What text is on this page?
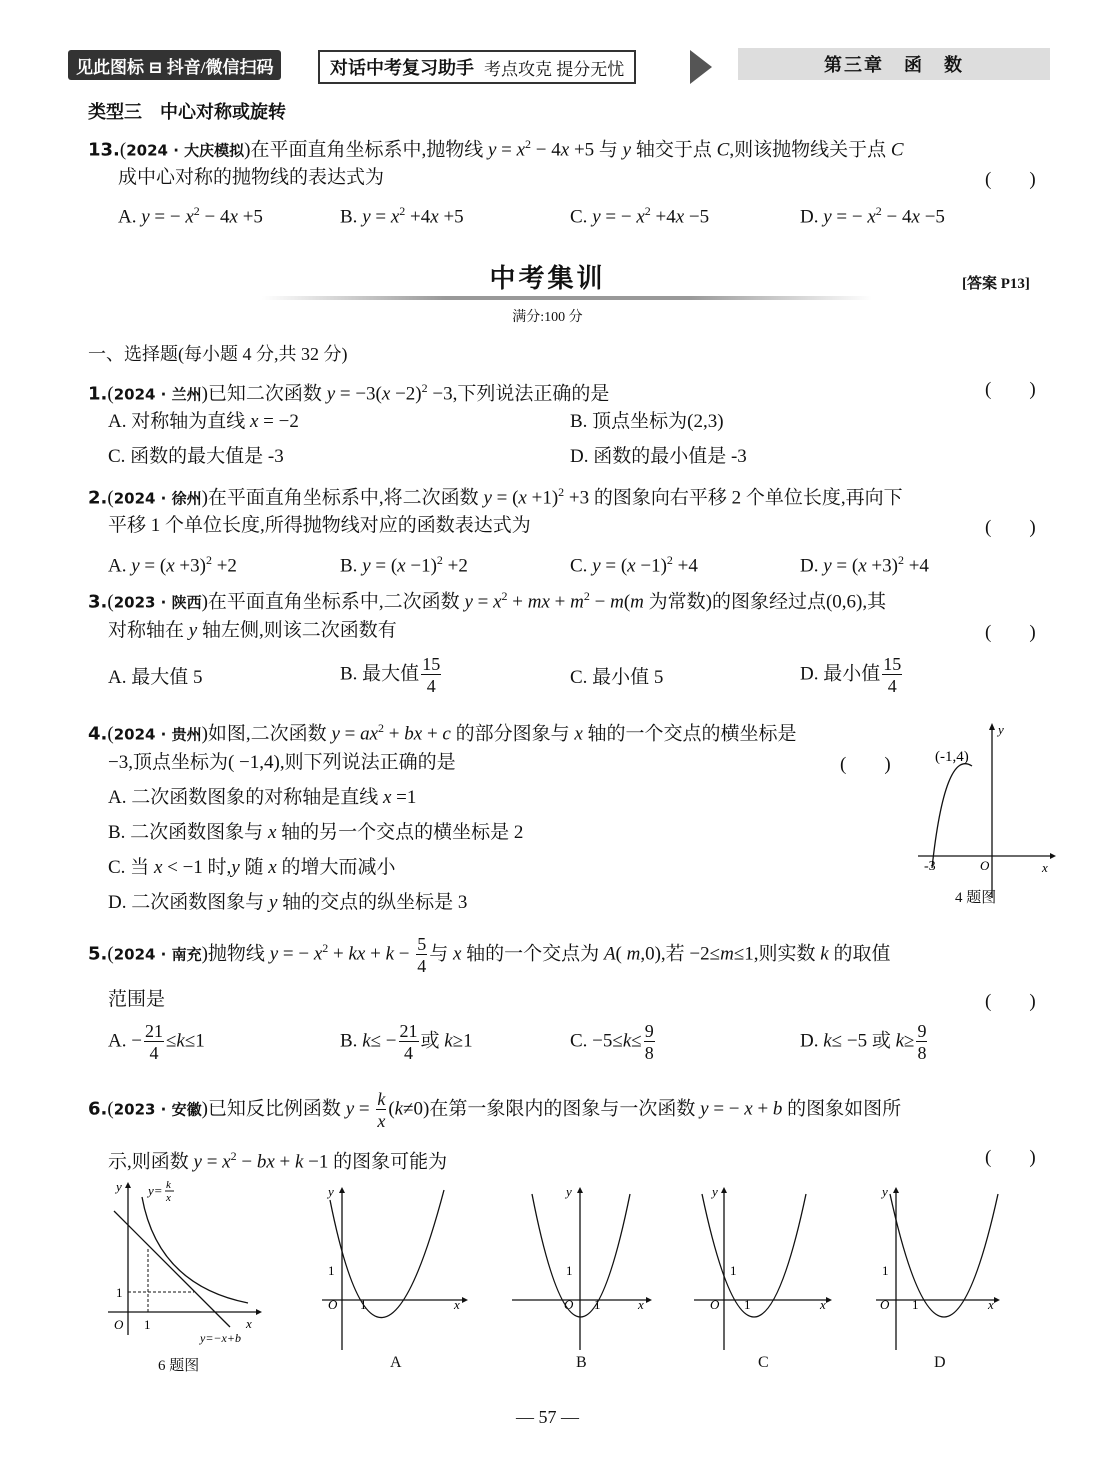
见此图标 ⊟ 抖音/微信扫码	对话中考复习助手 考点攻克 提分无忧	第三章　函　数
类型三　中心对称或旋转
13.(2024 · 大庆模拟)在平面直角坐标系中,抛物线 $y = x^2 - 4x +5$ 与 y 轴交于点 C,则该抛物线关于点 C
成中心对称的抛物线的表达式为	(　　)
A. y = − $x^2 - 4x +5$	B. $y = x^2 +4x +5$	C. y = − $x^2 +4x -5$	D. y = − $x^2 - 4x -5$
中考集训	[答案 P13]
满分:100 分
一、选择题(每小题 4 分,共 32 分)
1.(2024 · 兰州)已知二次函数 $y = -3(x -2)^2 -3$,下列说法正确的是	(　　)
A. 对称轴为直线 x = −2	B. 顶点坐标为(2,3)
C. 函数的最大值是 -3	D. 函数的最小值是 -3
2.(2024 · 徐州)在平面直角坐标系中,将二次函数 $y = (x +1)^2 +3$ 的图象向右平移 2 个单位长度,再向下
平移 1 个单位长度,所得抛物线对应的函数表达式为	(　　)
A. $y = (x +3)^2 +2$	B. $y = (x -1)^2 +2$	C. $y = (x -1)^2 +4$	D. $y = (x +3)^2 +4$
3.(2023 · 陕西)在平面直角坐标系中,二次函数 $y = x^2$ + mx + $m^2 - m(m$ 为常数)的图象经过点(0,6),其
对称轴在 y 轴左侧,则该二次函数有	(　　)
A. 最大值 5	B. 最大值 $\frac{15}{4}$	C. 最小值 5	D. 最小值 $\frac{15}{4}$
4.(2024 · 贵州)如图,二次函数 $y = ax^2$ + bx + c 的部分图象与 x 轴的一个交点的横坐标是
−3,顶点坐标为( −1,4),则下列说法正确的是	(　　)
A. 二次函数图象的对称轴是直线 x =1
B. 二次函数图象与 x 轴的另一个交点的横坐标是 2
C. 当 x < −1 时,y 随 x 的增大而减小
D. 二次函数图象与 y 轴的交点的纵坐标是 3
y
x
O
(-1,4)
-3
4 题图
5.(2024 · 南充)抛物线 y = − $x^2$ + kx + $k - \frac{5}{4}$ 与 x 轴的一个交点为 A( m,0),若 −2≤m≤1,则实数 k 的取值
范围是	(　　)
A. − $\frac{21}{4} \le k\le 1$	B. $k\le - \frac{21}{4}$ 或 k≥1	C. $-5\le k\le \frac{9}{8}$	D. k≤ −5 或 $k\ge \frac{9}{8}$
6.(2023 · 安徽)已知反比例函数 $y = \frac{k}{x} (k\ne 0)$在第一象限内的图象与一次函数 y = − x + b 的图象如图所
示,则函数 $y = x^2$ − bx + k −1 的图象可能为	(　　)
y
x
O 1
1
y= k
x
y=−x+b
6 题图
y
x
O 1
1
A
y
x
O 1
1
B
y
x
O 1
1
C
y
x
O 1
1
D
— 57 —
